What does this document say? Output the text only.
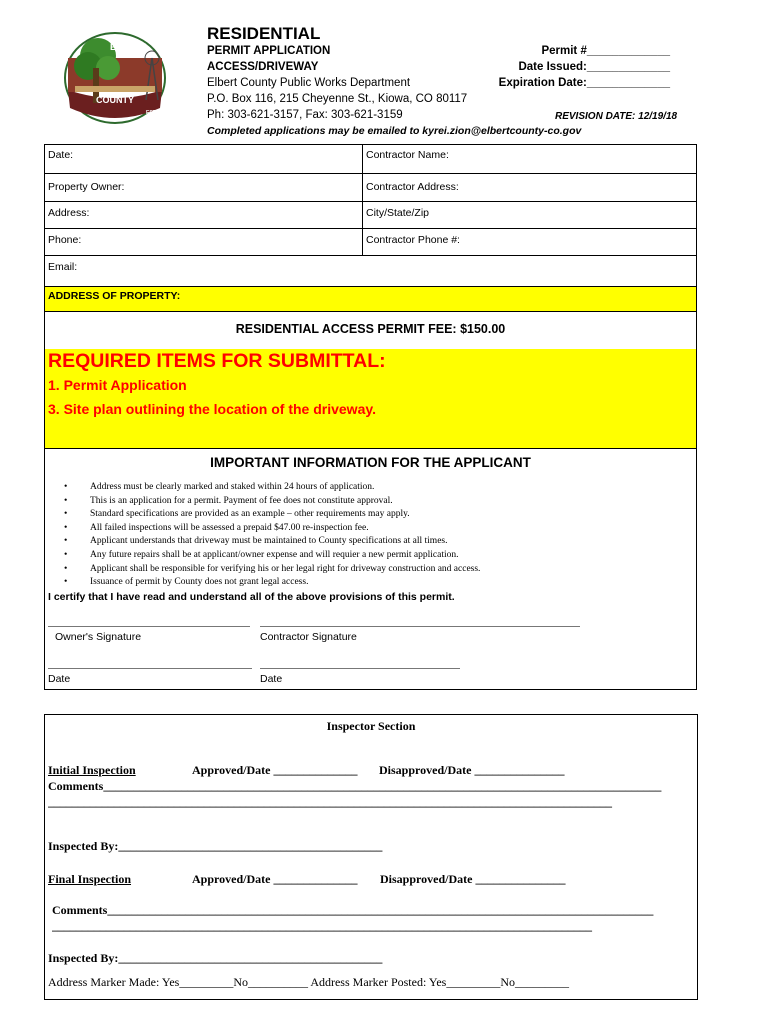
ELBERT
COUNTY
EST. 1874
RESIDENTIAL
PERMIT APPLICATION
ACCESS/DRIVEWAY
Elbert County Public Works Department
P.O. Box 116, 215 Cheyenne St., Kiowa, CO 80117
Ph: 303-621-3157, Fax: 303-621-3159	REVISION DATE: 12/19/18
Completed applications may be emailed to kyrei.zion@elbertcounty-co.gov
Permit #_____________
Date Issued:_____________
Expiration Date:_____________
Date:	Contractor Name:
Property Owner:	Contractor Address:
Address:	City/State/Zip
Phone:	Contractor Phone #:
Email:
ADDRESS OF PROPERTY:
RESIDENTIAL ACCESS PERMIT FEE: $150.00
REQUIRED ITEMS FOR SUBMITTAL:
1. Permit Application
3. Site plan outlining the location of the driveway.
IMPORTANT INFORMATION FOR THE APPLICANT
• Address must be clearly marked and staked within 24 hours of application.
• This is an application for a permit. Payment of fee does not constitute approval.
• Standard specifications are provided as an example – other requirements may apply.
• All failed inspections will be assessed a prepaid $47.00 re-inspection fee.
• Applicant understands that driveway must be maintained to County specifications at all times.
• Any future repairs shall be at applicant/owner expense and will requier a new permit application.
• Applicant shall be responsible for verifying his or her legal right for driveway construction and access.
• Issuance of permit by County does not grant legal access.
I certify that I have read and understand all of the above provisions of this permit.
Owner's Signature	Contractor Signature
Date	Date
Inspector Section
Initial Inspection	Approved/Date ______________ Disapproved/Date _______________
Comments_____________________________________________________________________________________________
______________________________________________________________________________________________
Inspected By:____________________________________________
Final Inspection	Approved/Date ______________ Disapproved/Date _______________
Comments___________________________________________________________________________________________
__________________________________________________________________________________________
Inspected By:____________________________________________
Address Marker Made: Yes_________No__________ Address Marker Posted: Yes_________No_________
